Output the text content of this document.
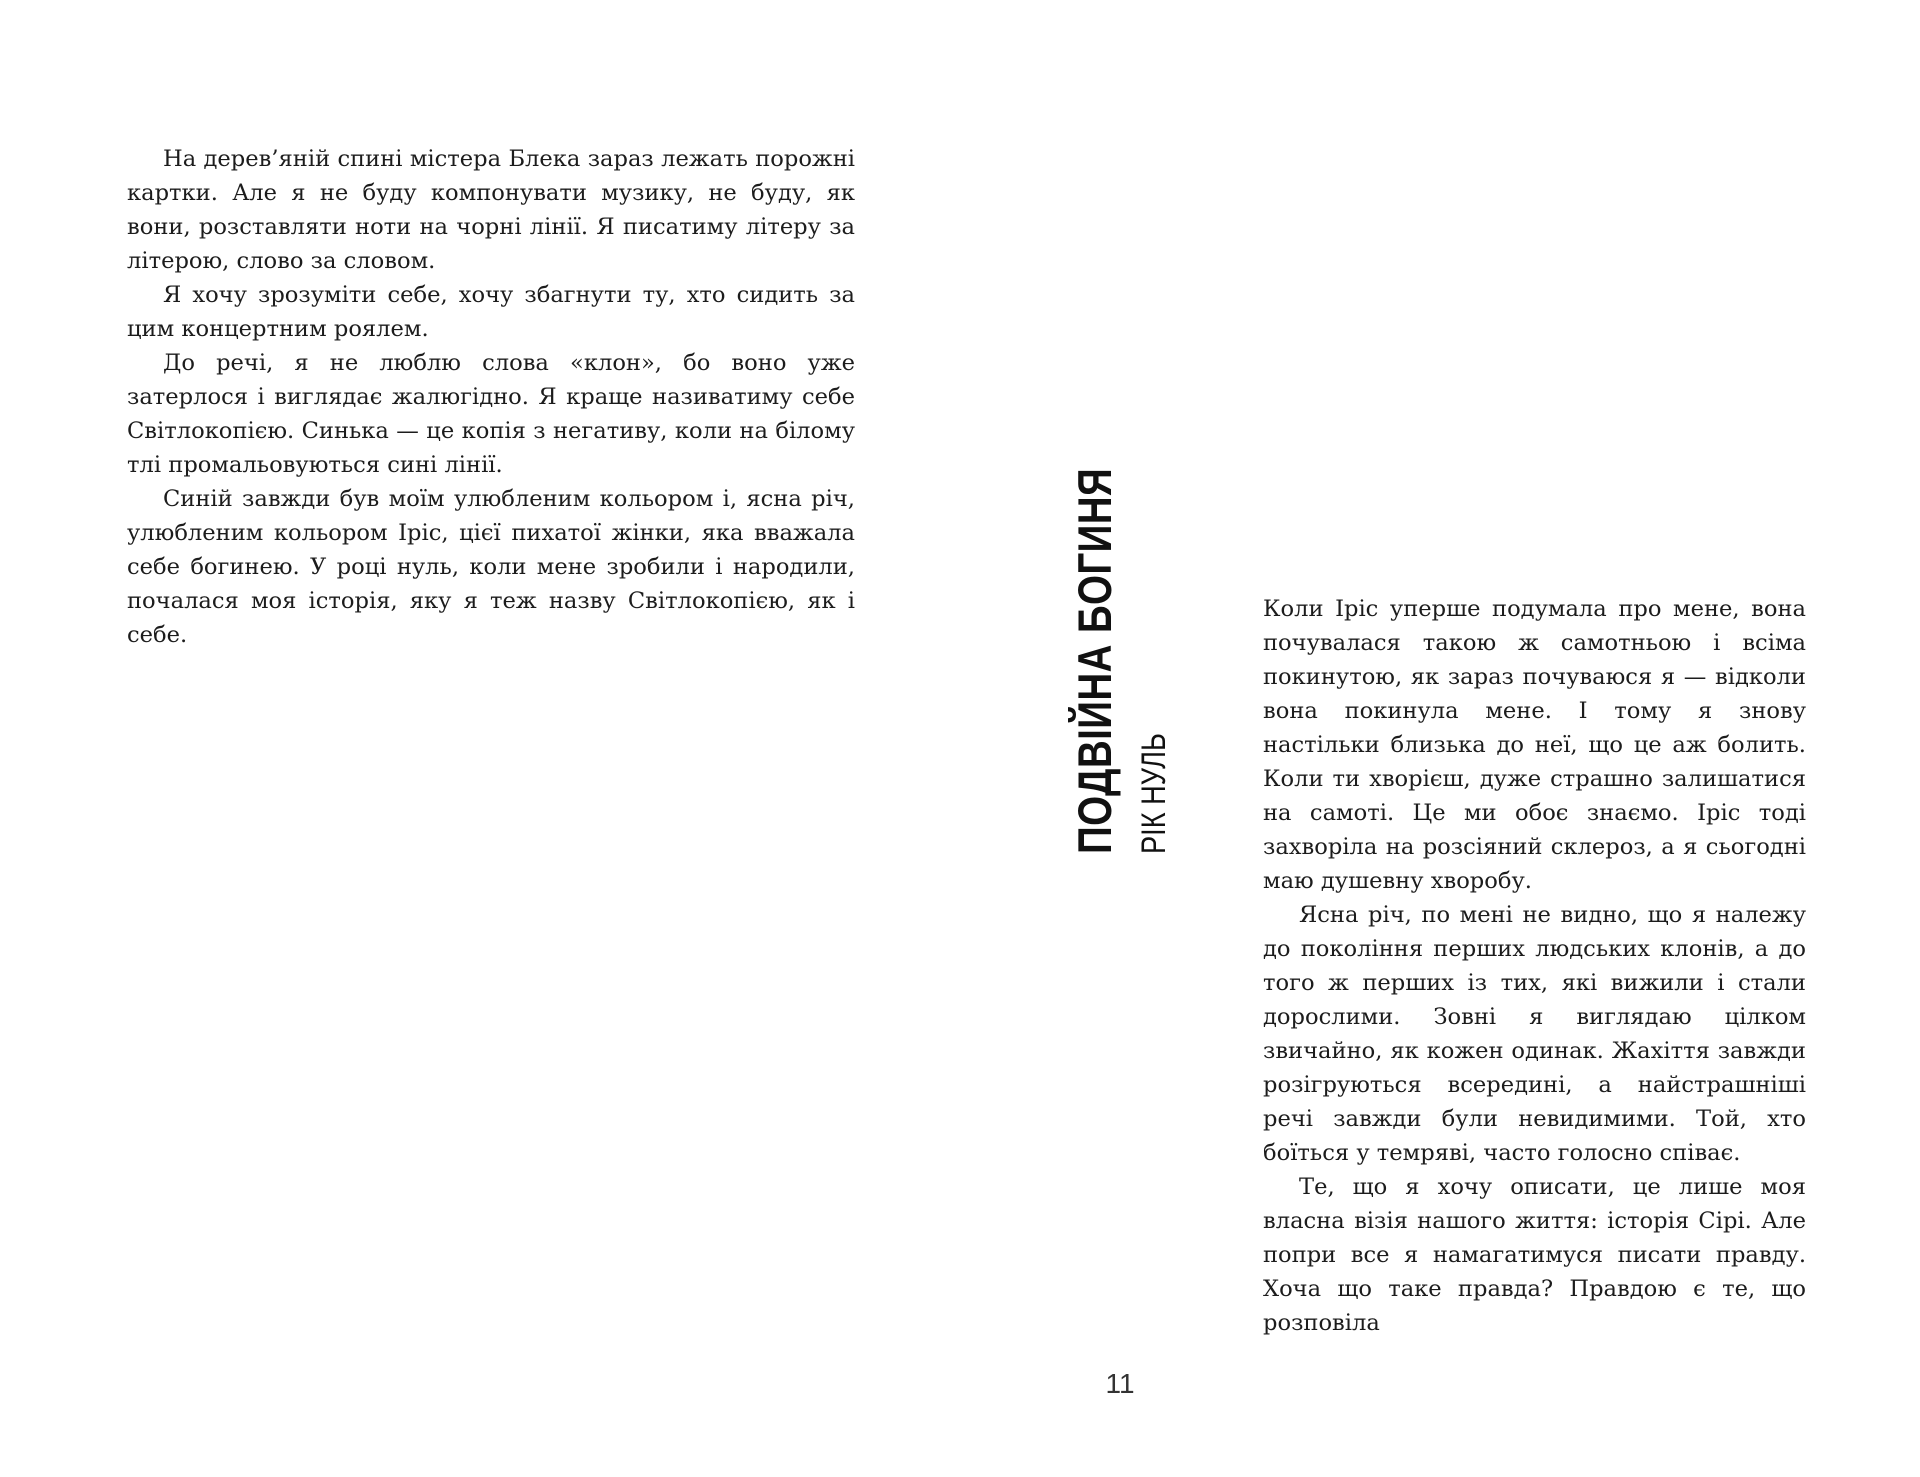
На дерев’яній спині містера Блека зараз лежать порожні картки. Але я не буду компонувати музику, не буду, як вони, розставляти ноти на чорні лінії. Я писатиму літеру за літерою, слово за словом.

Я хочу зрозуміти себе, хочу збагнути ту, хто сидить за цим концертним роялем.

До речі, я не люблю слова «клон», бо воно уже затерлося і виглядає жалюгідно. Я краще називатиму себе Світлокопією. Синька — це копія з негативу, коли на білому тлі промальовуються сині лінії.

Синій завжди був моїм улюбленим кольором і, ясна річ, улюбленим кольором Іріс, цієї пихатої жінки, яка вважала себе богинею. У році нуль, коли мене зробили і народили, почалася моя історія, яку я теж назву Світлокопією, як і себе.	ПОДВІЙНА БОГИНЯ РІК НУЛЬ

Коли Іріс уперше подумала про мене, вона почувалася такою ж самотньою і всіма покинутою, як зараз почуваюся я — відколи вона покинула мене. І тому я знову настільки близька до неї, що це аж болить. Коли ти хворієш, дуже страшно залишатися на самоті. Це ми обоє знаємо. Іріс тоді захворіла на розсіяний склероз, а я сьогодні маю душевну хворобу.

Ясна річ, по мені не видно, що я належу до покоління перших людських клонів, а до того ж перших із тих, які вижили і стали дорослими. Зовні я виглядаю цілком звичайно, як кожен одинак. Жахіття завжди розігруються всередині, а найстрашніші речі завжди були невидимими. Той, хто боїться у темряві, часто голосно співає.

Те, що я хочу описати, це лише моя власна візія нашого життя: історія Сірі. Але попри все я намагатимуся писати правду. Хоча що таке правда? Правдою є те, що розповіла

11
